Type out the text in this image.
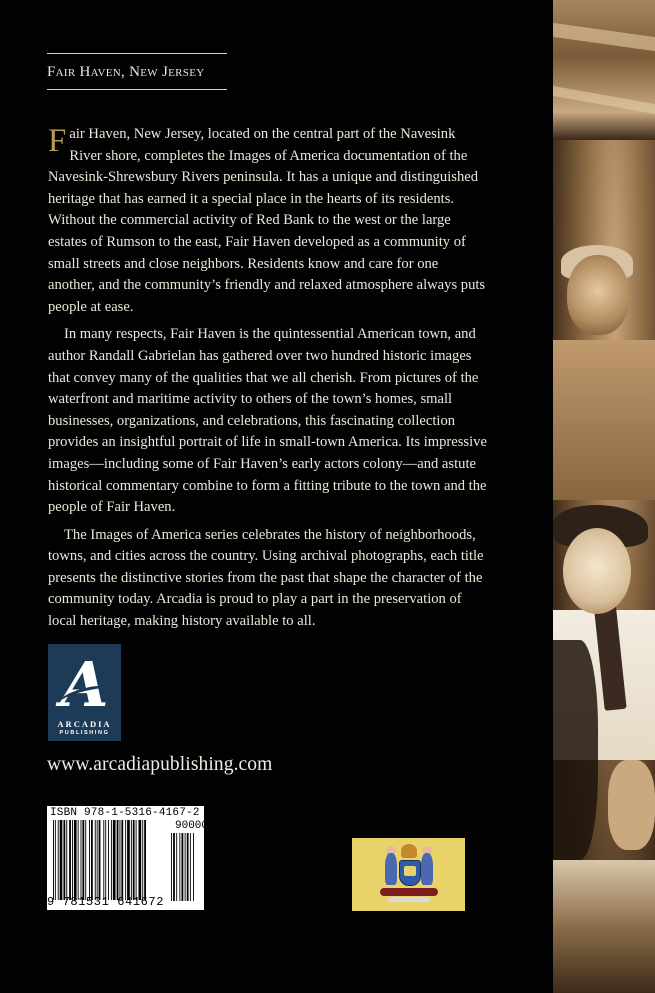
Fair Haven, New Jersey

Fair Haven, New Jersey, located on the central part of the Navesink River shore, completes the Images of America documentation of the Navesink-Shrewsbury Rivers peninsula. It has a unique and distinguished heritage that has earned it a special place in the hearts of its residents. Without the commercial activity of Red Bank to the west or the large estates of Rumson to the east, Fair Haven developed as a community of small streets and close neighbors. Residents know and care for one another, and the community’s friendly and relaxed atmosphere always puts people at ease.

In many respects, Fair Haven is the quintessential American town, and author Randall Gabrielan has gathered over two hundred historic images that convey many of the qualities that we all cherish. From pictures of the waterfront and maritime activity to others of the town’s homes, small businesses, organizations, and celebrations, this fascinating collection provides an insightful portrait of life in small-town America. Its impressive images—including some of Fair Haven’s early actors colony—and astute historical commentary combine to form a fitting tribute to the town and the people of Fair Haven.

The Images of America series celebrates the history of neighborhoods, towns, and cities across the country. Using archival photographs, each title presents the distinctive stories from the past that shape the character of the community today. Arcadia is proud to play a part in the preservation of local heritage, making history available to all.

A
ARCADIA
PUBLISHING
www.arcadiapublishing.com
ISBN 978-1-5316-4167-2
90000
9 781531 641672
